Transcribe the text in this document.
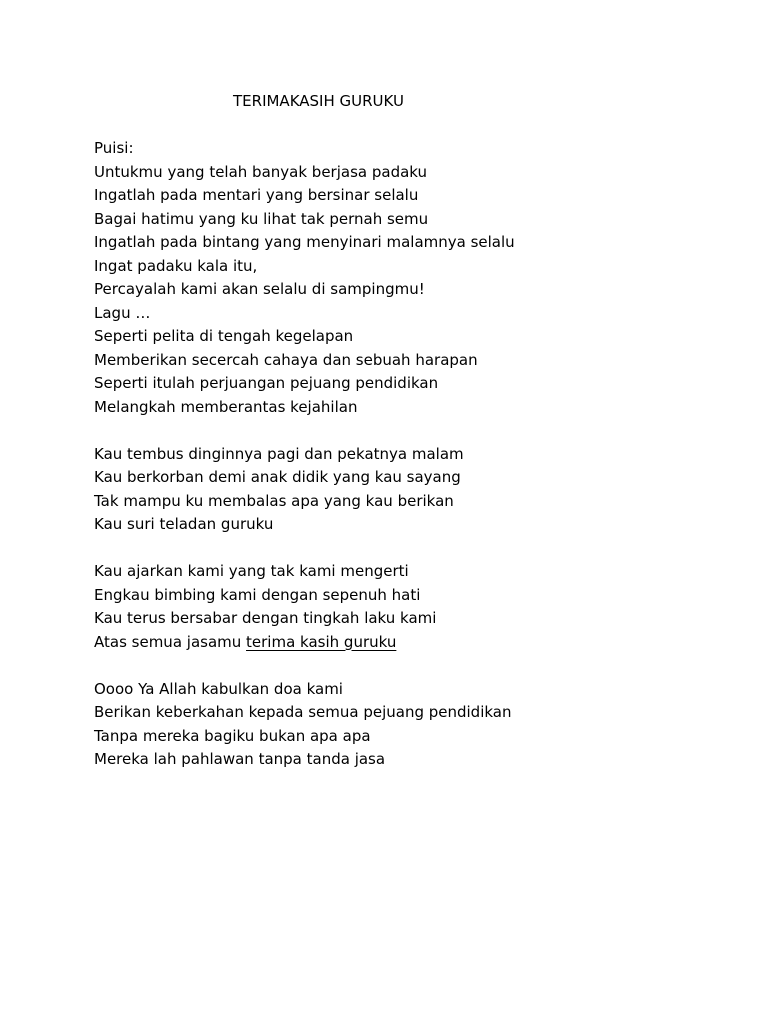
TERIMAKASIH GURUKU
Puisi:
Untukmu yang telah banyak berjasa padaku
Ingatlah pada mentari yang bersinar selalu
Bagai hatimu yang ku lihat tak pernah semu
Ingatlah pada bintang yang menyinari malamnya selalu
Ingat padaku kala itu,
Percayalah kami akan selalu di sampingmu!
Lagu …
Seperti pelita di tengah kegelapan
Memberikan secercah cahaya dan sebuah harapan
Seperti itulah perjuangan pejuang pendidikan
Melangkah memberantas kejahilan
Kau tembus dinginnya pagi dan pekatnya malam
Kau berkorban demi anak didik yang kau sayang
Tak mampu ku membalas apa yang kau berikan
Kau suri teladan guruku
Kau ajarkan kami yang tak kami mengerti
Engkau bimbing kami dengan sepenuh hati
Kau terus bersabar dengan tingkah laku kami
Atas semua jasamu terima kasih guruku
Oooo Ya Allah kabulkan doa kami
Berikan keberkahan kepada semua pejuang pendidikan
Tanpa mereka bagiku bukan apa apa
Mereka lah pahlawan tanpa tanda jasa
